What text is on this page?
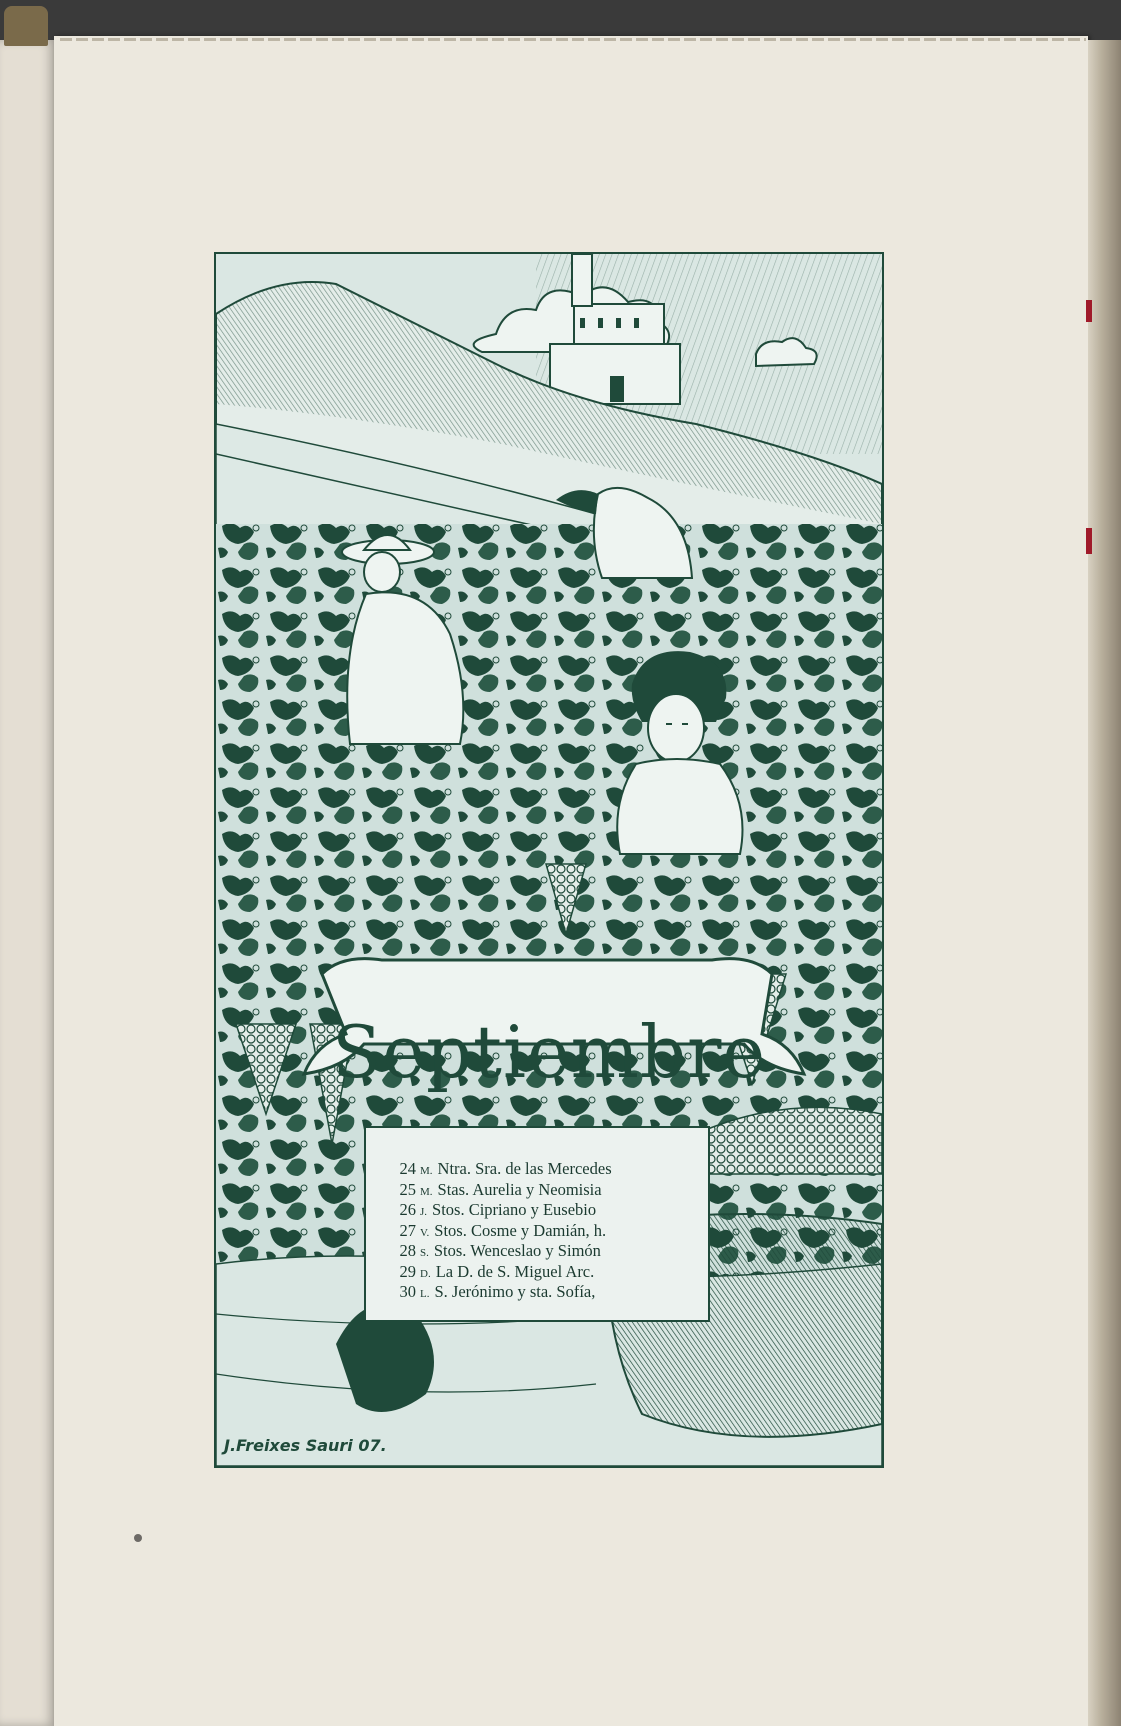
Septiembre
24 M. Ntra. Sra. de las Mercedes
25 M. Stas. Aurelia y Neomisia
26 J. Stos. Cipriano y Eusebio
27 V. Stos. Cosme y Damián, h.
28 S. Stos. Wenceslao y Simón
29 D. La D. de S. Miguel Arc.
30 L. S. Jerónimo y sta. Sofía,
J.Freixes Sauri 07.
